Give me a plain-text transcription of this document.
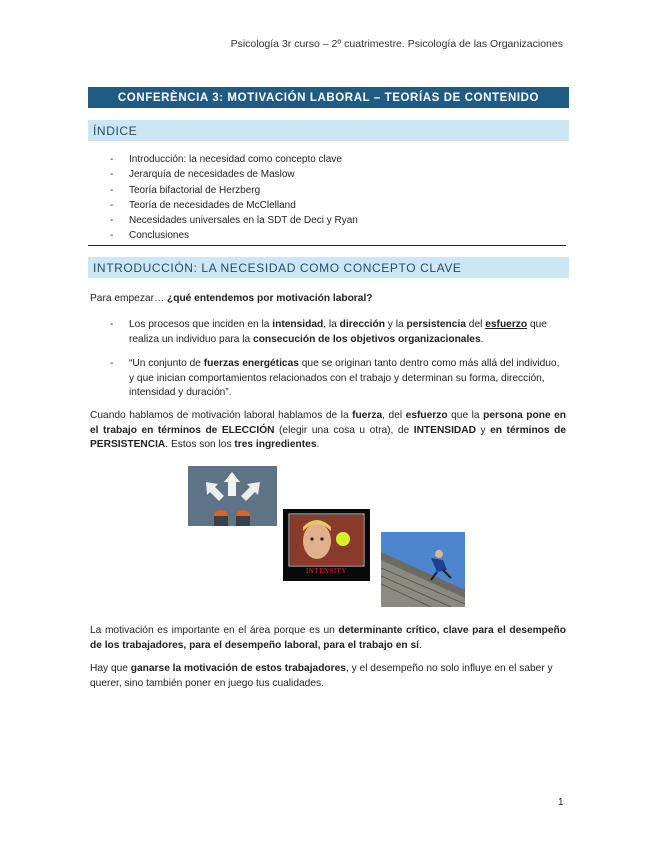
Psicología 3r curso – 2º cuatrimestre. Psicología de las Organizaciones
CONFERÈNCIA 3: MOTIVACIÓN LABORAL – TEORÍAS DE CONTENIDO
ÍNDICE
- Introducción: la necesidad como concepto clave
- Jerarquía de necesidades de Maslow
- Teoría bifactorial de Herzberg
- Teoría de necesidades de McClelland
- Necesidades universales en la SDT de Deci y Ryan
- Conclusiones
INTRODUCCIÓN: LA NECESIDAD COMO CONCEPTO CLAVE

Para empezar… ¿qué entendemos por motivación laboral?

- Los procesos que inciden en la intensidad, la dirección y la persistencia del esfuerzo que realiza un individuo para la consecución de los objetivos organizacionales.
- “Un conjunto de fuerzas energéticas que se originan tanto dentro como más allá del individuo, y que inician comportamientos relacionados con el trabajo y determinan su forma, dirección, intensidad y duración”.

Cuando hablamos de motivación laboral hablamos de la fuerza, del esfuerzo que la persona pone en el trabajo en términos de ELECCIÓN (elegir una cosa u otra), de INTENSIDAD y en términos de PERSISTENCIA. Estos son los tres ingredientes.

INTENSITY

La motivación es importante en el área porque es un determinante crítico, clave para el desempeño de los trabajadores, para el desempeño laboral, para el trabajo en sí.

Hay que ganarse la motivación de estos trabajadores, y el desempeño no solo influye en el saber y querer, sino también poner en juego tus cualidades.

1
